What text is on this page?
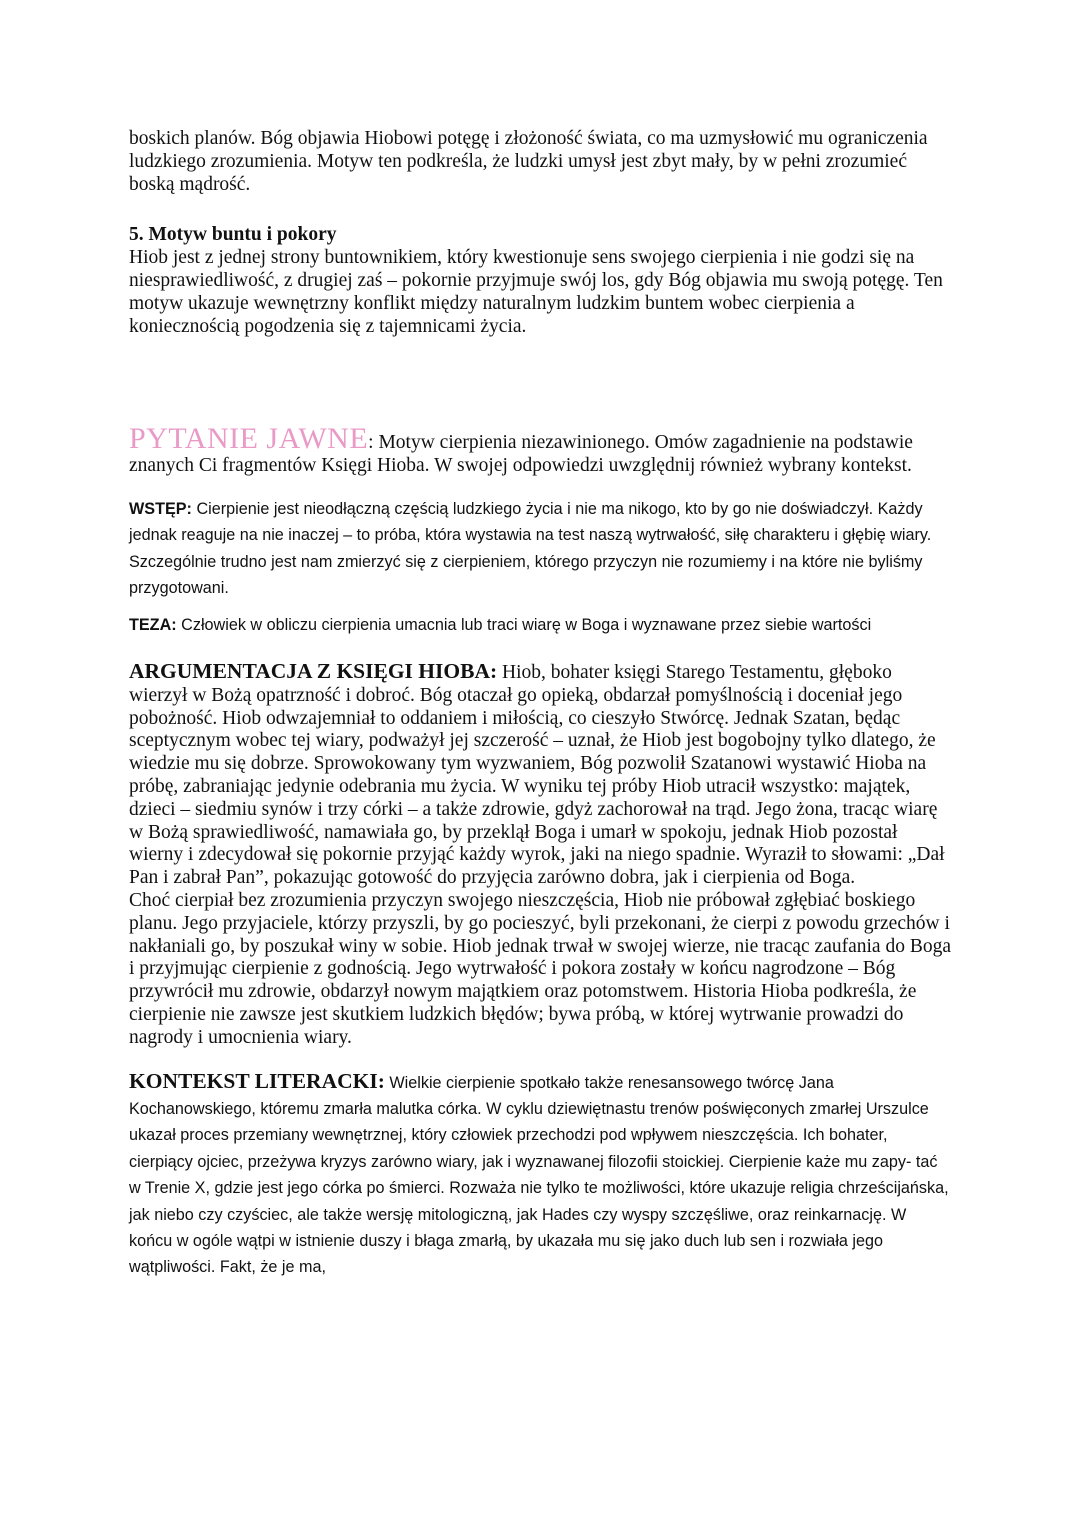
boskich planów. Bóg objawia Hiobowi potęgę i złożoność świata, co ma uzmysłowić mu ograniczenia ludzkiego zrozumienia. Motyw ten podkreśla, że ludzki umysł jest zbyt mały, by w pełni zrozumieć boską mądrość.

5. Motyw buntu i pokory

Hiob jest z jednej strony buntownikiem, który kwestionuje sens swojego cierpienia i nie godzi się na niesprawiedliwość, z drugiej zaś – pokornie przyjmuje swój los, gdy Bóg objawia mu swoją potęgę. Ten motyw ukazuje wewnętrzny konflikt między naturalnym ludzkim buntem wobec cierpienia a koniecznością pogodzenia się z tajemnicami życia.

PYTANIE JAWNE: Motyw cierpienia niezawinionego. Omów zagadnienie na podstawie znanych Ci fragmentów Księgi Hioba. W swojej odpowiedzi uwzględnij również wybrany kontekst.

WSTĘP: Cierpienie jest nieodłączną częścią ludzkiego życia i nie ma nikogo, kto by go nie doświadczył. Każdy jednak reaguje na nie inaczej – to próba, która wystawia na test naszą wytrwałość, siłę charakteru i głębię wiary. Szczególnie trudno jest nam zmierzyć się z cierpieniem, którego przyczyn nie rozumiemy i na które nie byliśmy przygotowani.

TEZA: Człowiek w obliczu cierpienia umacnia lub traci wiarę w Boga i wyznawane przez siebie wartości

ARGUMENTACJA Z KSIĘGI HIOBA: Hiob, bohater księgi Starego Testamentu, głęboko wierzył w Bożą opatrzność i dobroć. Bóg otaczał go opieką, obdarzał pomyślnością i doceniał jego pobożność. Hiob odwzajemniał to oddaniem i miłością, co cieszyło Stwórcę. Jednak Szatan, będąc sceptycznym wobec tej wiary, podważył jej szczerość – uznał, że Hiob jest bogobojny tylko dlatego, że wiedzie mu się dobrze. Sprowokowany tym wyzwaniem, Bóg pozwolił Szatanowi wystawić Hioba na próbę, zabraniając jedynie odebrania mu życia. W wyniku tej próby Hiob utracił wszystko: majątek, dzieci – siedmiu synów i trzy córki – a także zdrowie, gdyż zachorował na trąd. Jego żona, tracąc wiarę w Bożą sprawiedliwość, namawiała go, by przeklął Boga i umarł w spokoju, jednak Hiob pozostał wierny i zdecydował się pokornie przyjąć każdy wyrok, jaki na niego spadnie. Wyraził to słowami: „Dał Pan i zabrał Pan”, pokazując gotowość do przyjęcia zarówno dobra, jak i cierpienia od Boga.

Choć cierpiał bez zrozumienia przyczyn swojego nieszczęścia, Hiob nie próbował zgłębiać boskiego planu. Jego przyjaciele, którzy przyszli, by go pocieszyć, byli przekonani, że cierpi z powodu grzechów i nakłaniali go, by poszukał winy w sobie. Hiob jednak trwał w swojej wierze, nie tracąc zaufania do Boga i przyjmując cierpienie z godnością. Jego wytrwałość i pokora zostały w końcu nagrodzone – Bóg przywrócił mu zdrowie, obdarzył nowym majątkiem oraz potomstwem. Historia Hioba podkreśla, że cierpienie nie zawsze jest skutkiem ludzkich błędów; bywa próbą, w której wytrwanie prowadzi do nagrody i umocnienia wiary.

KONTEKST LITERACKI: Wielkie cierpienie spotkało także renesansowego twórcę Jana Kochanowskiego, któremu zmarła malutka córka. W cyklu dziewiętnastu trenów poświęconych zmarłej Urszulce ukazał proces przemiany wewnętrznej, który człowiek przechodzi pod wpływem nieszczęścia. Ich bohater, cierpiący ojciec, przeżywa kryzys zarówno wiary, jak i wyznawanej filozofii stoickiej. Cierpienie każe mu zapy- tać w Trenie X, gdzie jest jego córka po śmierci. Rozważa nie tylko te możliwości, które ukazuje religia chrześcijańska, jak niebo czy czyściec, ale także wersję mitologiczną, jak Hades czy wyspy szczęśliwe, oraz reinkarnację. W końcu w ogóle wątpi w istnienie duszy i błaga zmarłą, by ukazała mu się jako duch lub sen i rozwiała jego wątpliwości. Fakt, że je ma,
